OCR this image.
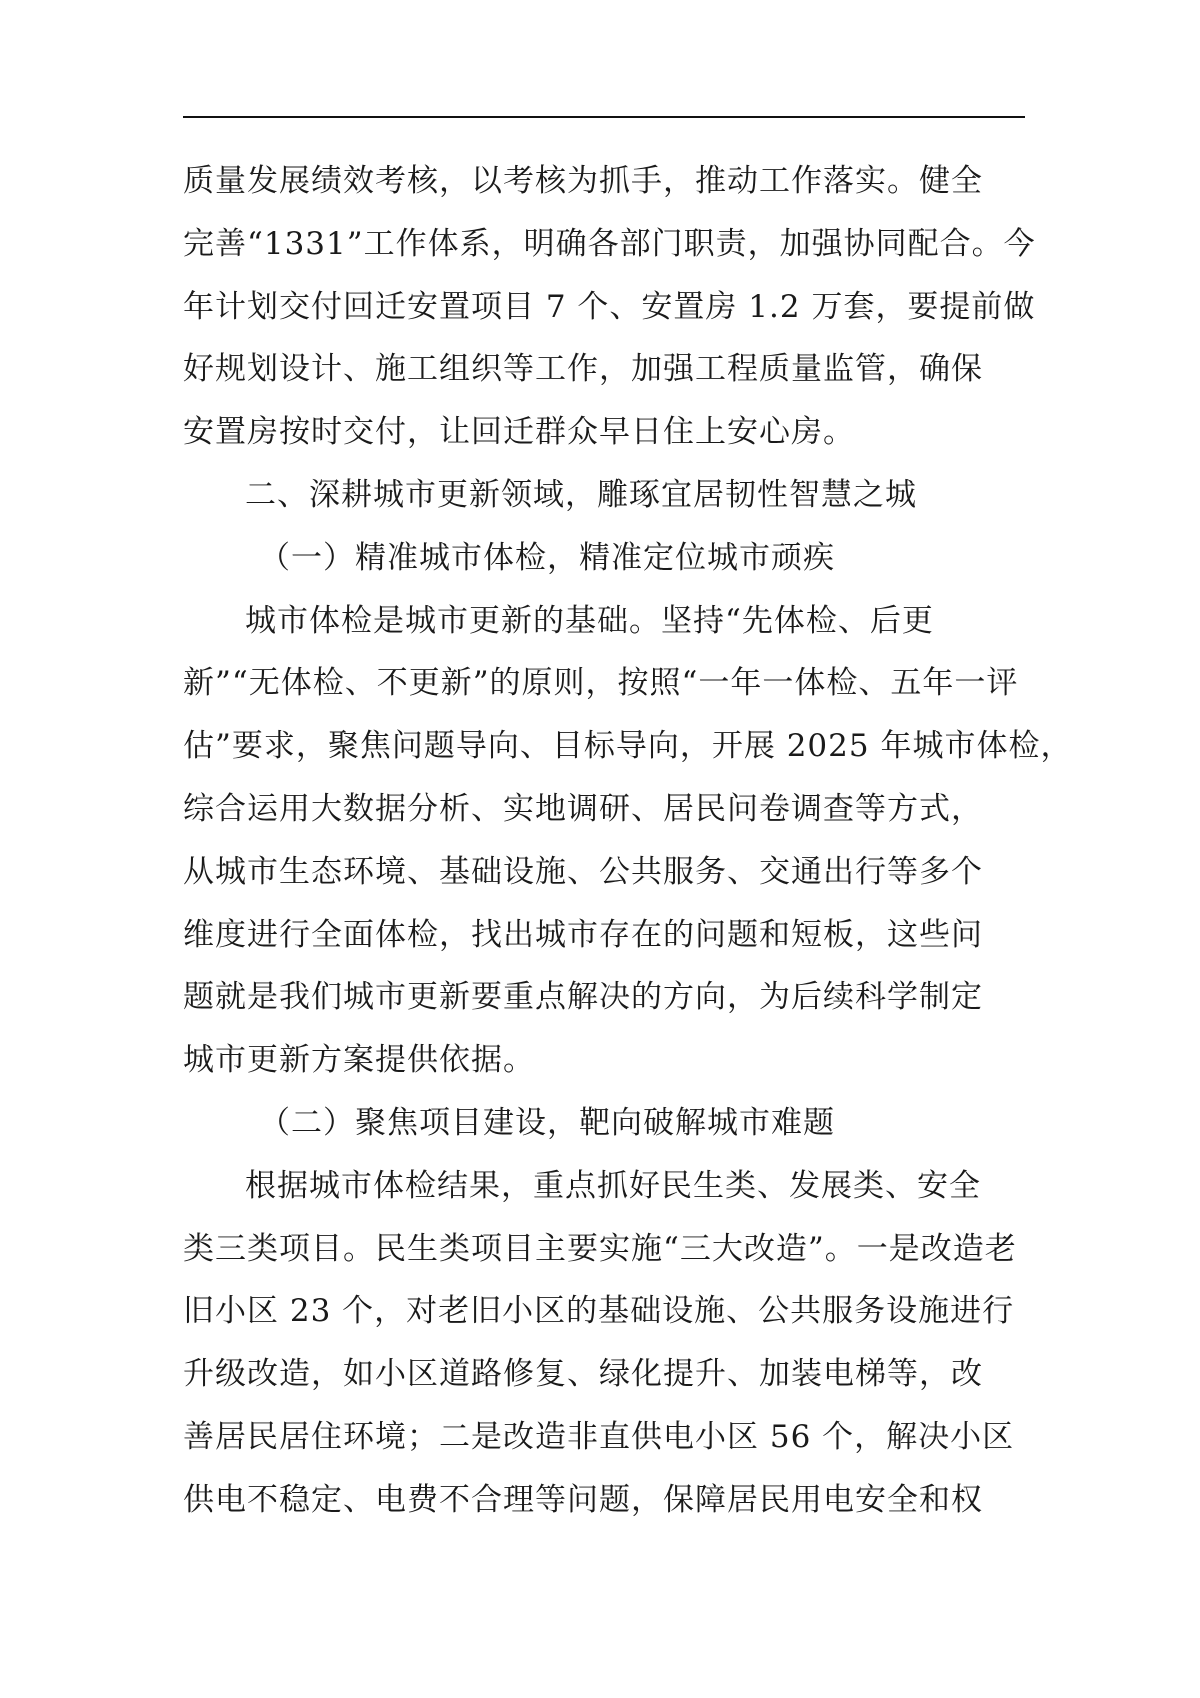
质量发展绩效考核，以考核为抓手，推动工作落实。健全
完善“1331”工作体系，明确各部门职责，加强协同配合。今
年计划交付回迁安置项目 7 个、安置房 1.2 万套，要提前做
好规划设计、施工组织等工作，加强工程质量监管，确保
安置房按时交付，让回迁群众早日住上安心房。
二、深耕城市更新领域，雕琢宜居韧性智慧之城
（一）精准城市体检，精准定位城市顽疾
城市体检是城市更新的基础。坚持“先体检、后更
新”“无体检、不更新”的原则，按照“一年一体检、五年一评
估”要求，聚焦问题导向、目标导向，开展 2025 年城市体检，
综合运用大数据分析、实地调研、居民问卷调查等方式，
从城市生态环境、基础设施、公共服务、交通出行等多个
维度进行全面体检，找出城市存在的问题和短板，这些问
题就是我们城市更新要重点解决的方向，为后续科学制定
城市更新方案提供依据。
（二）聚焦项目建设，靶向破解城市难题
根据城市体检结果，重点抓好民生类、发展类、安全
类三类项目。民生类项目主要实施“三大改造”。一是改造老
旧小区 23 个，对老旧小区的基础设施、公共服务设施进行
升级改造，如小区道路修复、绿化提升、加装电梯等，改
善居民居住环境；二是改造非直供电小区 56 个，解决小区
供电不稳定、电费不合理等问题，保障居民用电安全和权
